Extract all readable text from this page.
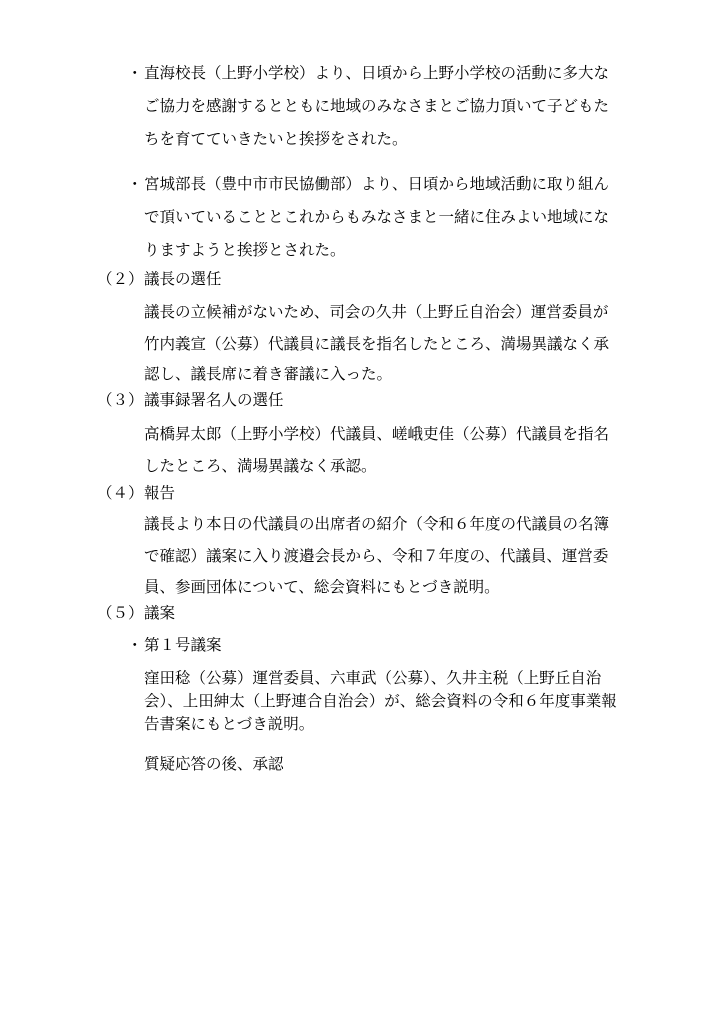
・ 直海校長（上野小学校）より、日頃から上野小学校の活動に多大な
ご協力を感謝するとともに地域のみなさまとご協力頂いて子どもた
ちを育てていきたいと挨拶をされた。
・ 宮城部長（豊中市市民協働部）より、日頃から地域活動に取り組ん
で頂いていることとこれからもみなさまと一緒に住みよい地域にな
りますようと挨拶とされた。
（２） 議長の選任
議長の立候補がないため、司会の久井（上野丘自治会）運営委員が
竹内義宣（公募）代議員に議長を指名したところ、満場異議なく承
認し、議長席に着き審議に入った。
（３） 議事録署名人の選任
高橋昇太郎（上野小学校）代議員、嵯峨吏佳（公募）代議員を指名
したところ、満場異議なく承認。
（４） 報告
議長より本日の代議員の出席者の紹介（令和６年度の代議員の名簿
で確認）議案に入り渡邉会長から、令和７年度の、代議員、運営委
員、参画団体について、総会資料にもとづき説明。
（５） 議案
・ 第１号議案
窪田稔（公募）運営委員、六車武（公募）、久井主税（上野丘自治
会）、上田紳太（上野連合自治会）が、総会資料の令和６年度事業報
告書案にもとづき説明。
質疑応答の後、承認
